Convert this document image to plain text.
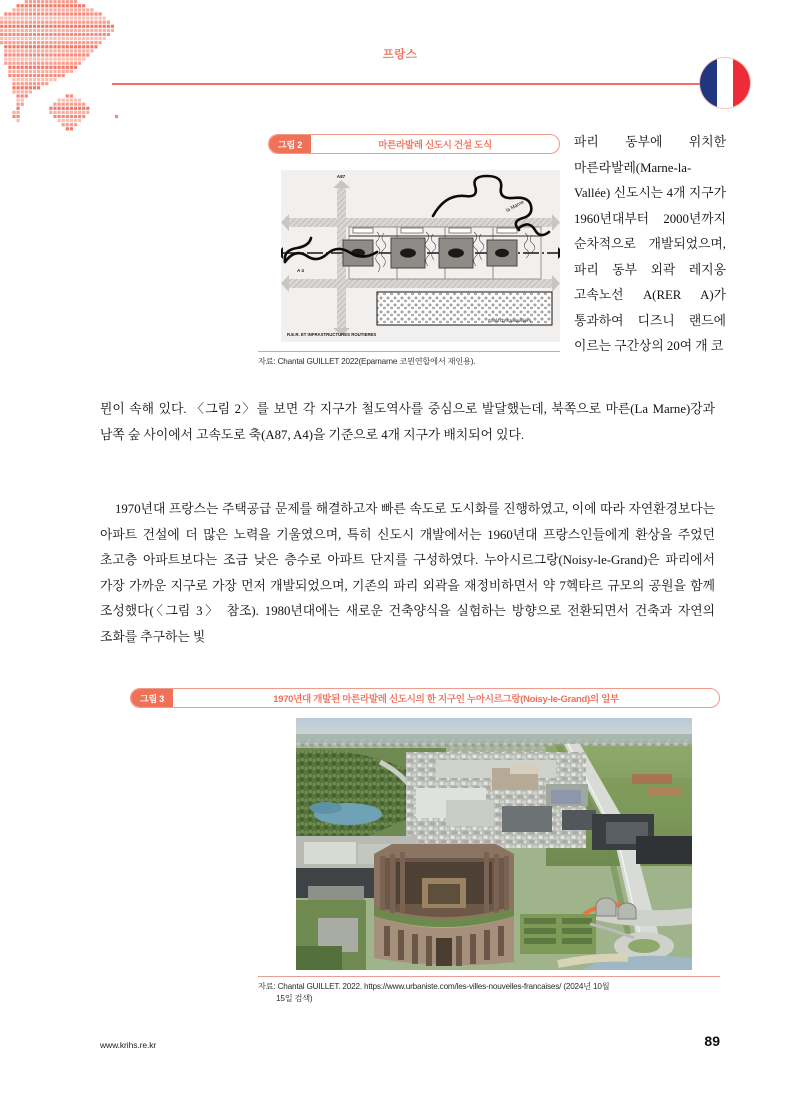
프랑스
그림 2	마른라발레 신도시 건설 도식
A87
A 4
la Marne
Forêt d'Armainvilliers
R.E.R. ET INFRASTRUCTURES ROUTIERES
자료: Chantal GUILLET 2022(Epamarne 코뮌연합에서 재인용).
파리 동부에 위치한 마른라발레(Marne-la-Vallée) 신도시는 4개 지구가 1960년대부터 2000년까지 순차적으로 개발되었으며, 파리 동부 외곽 레지옹 고속노선 A(RER A)가 통과하여 디즈니 랜드에 이르는 구간상의 20여 개 코
뮌이 속해 있다. 〈그림 2〉를 보면 각 지구가 철도역사를 중심으로 발달했는데, 북쪽으로 마른(La Marne)강과 남쪽 숲 사이에서 고속도로 축(A87, A4)을 기준으로 4개 지구가 배치되어 있다.
1970년대 프랑스는 주택공급 문제를 해결하고자 빠른 속도로 도시화를 진행하였고, 이에 따라 자연환경보다는 아파트 건설에 더 많은 노력을 기울였으며, 특히 신도시 개발에서는 1960년대 프랑스인들에게 환상을 주었던 초고층 아파트보다는 조금 낮은 층수로 아파트 단지를 구성하였다. 누아시르그랑(Noisy-le-Grand)은 파리에서 가장 가까운 지구로 가장 먼저 개발되었으며, 기존의 파리 외곽을 재정비하면서 약 7헥타르 규모의 공원을 함께 조성했다(〈그림 3〉 참조). 1980년대에는 새로운 건축양식을 실험하는 방향으로 전환되면서 건축과 자연의 조화를 추구하는 빛
그림 3	1970년대 개발된 마른라발레 신도시의 한 지구인 누아시르그랑(Noisy-le-Grand)의 일부
자료: Chantal GUILLET. 2022. https://www.urbaniste.com/les-villes-nouvelles-francaises/ (2024년 10월
15일 검색)
www.krihs.re.kr	89
